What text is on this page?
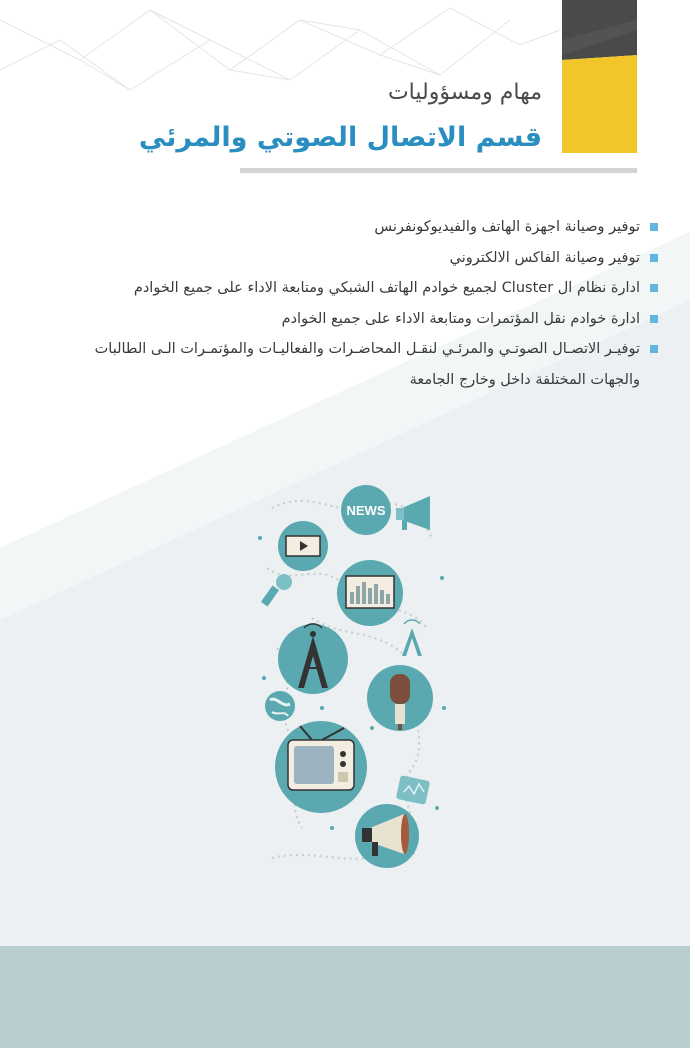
مهام ومسؤوليات
قسم الاتصال الصوتي والمرئي
توفير وصيانة اجهزة الهاتف والفيديوكونفرنس
توفير وصيانة الفاكس الالكتروني
ادارة نظام ال Cluster لجميع خوادم الهاتف الشبكي ومتابعة الاداء على جميع الخوادم
ادارة خوادم نقل المؤتمرات ومتابعة الاداء على جميع الخوادم
توفيـر الاتصـال الصوتـي والمرئـي لنقـل المحاضـرات والفعاليـات والمؤتمـرات الـى الطالبات والجهات المختلفة داخل وخارج الجامعة
NEWS
